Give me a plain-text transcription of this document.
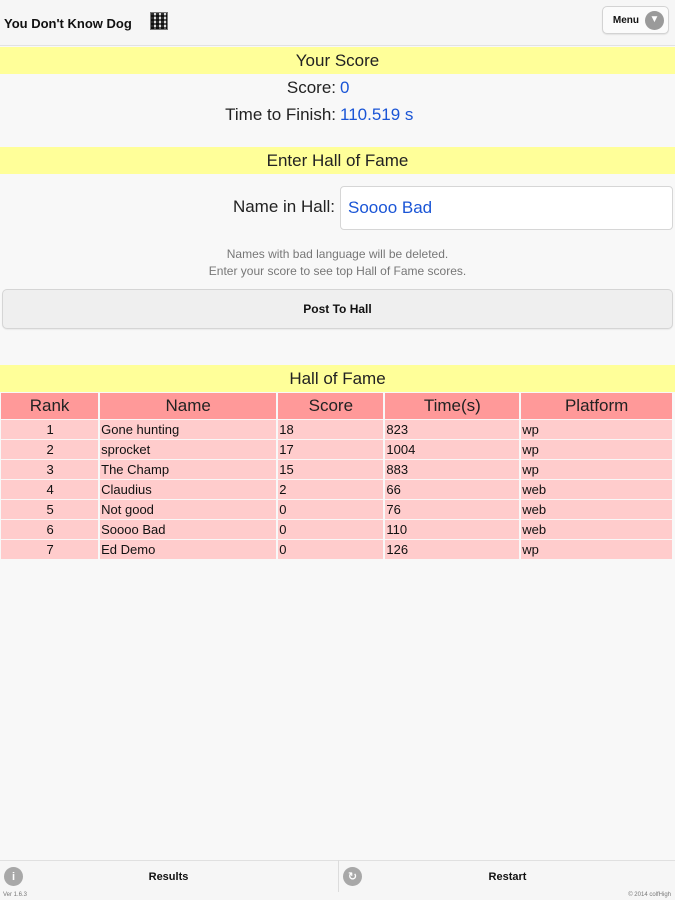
You Don't Know Dog	Menu	▼
Your Score
Score: 0
Time to Finish: 110.519 s
Enter Hall of Fame
Name in Hall:
Soooo Bad
Names with bad language will be deleted.
Enter your score to see top Hall of Fame scores.
Post To Hall
Hall of Fame
Rank	Name	Score	Time(s)	Platform
1	Gone hunting	18	823	wp
2	sprocket	17	1004	wp
3	The Champ	15	883	wp
4	Claudius	2	66	web
5	Not good	0	76	web
6	Soooo Bad	0	110	web
7	Ed Demo	0	126	wp
i	Results	↻	Restart
Ver 1.6.3	© 2014 colfHigh
